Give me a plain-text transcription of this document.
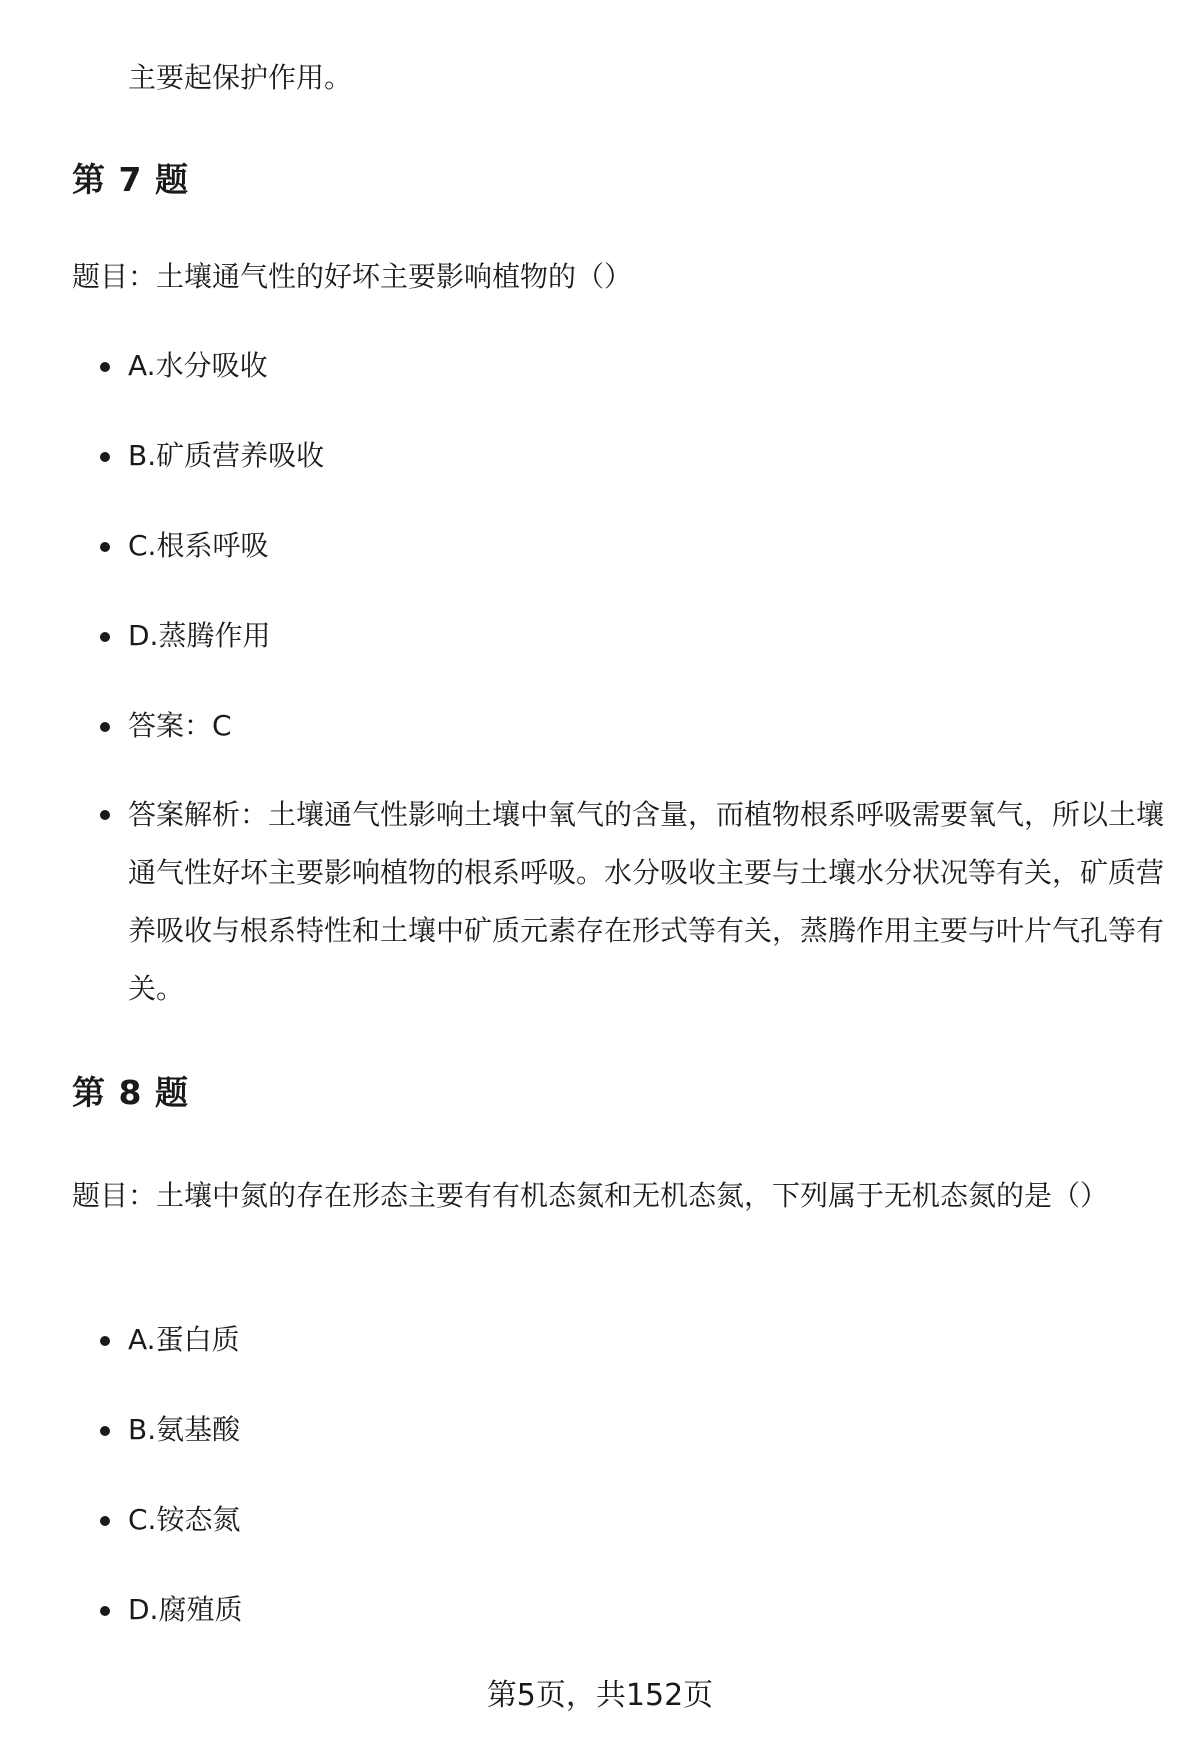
主要起保护作用。
第 7 题
题目：土壤通气性的好坏主要影响植物的（）
A.水分吸收
B.矿质营养吸收
C.根系呼吸
D.蒸腾作用
答案：C
答案解析：土壤通气性影响土壤中氧气的含量，而植物根系呼吸需要氧气，所以土壤通气性好坏主要影响植物的根系呼吸。水分吸收主要与土壤水分状况等有关，矿质营养吸收与根系特性和土壤中矿质元素存在形式等有关，蒸腾作用主要与叶片气孔等有关。
第 8 题
题目：土壤中氮的存在形态主要有有机态氮和无机态氮，下列属于无机态氮的是（）
A.蛋白质
B.氨基酸
C.铵态氮
D.腐殖质
第5页，共152页
